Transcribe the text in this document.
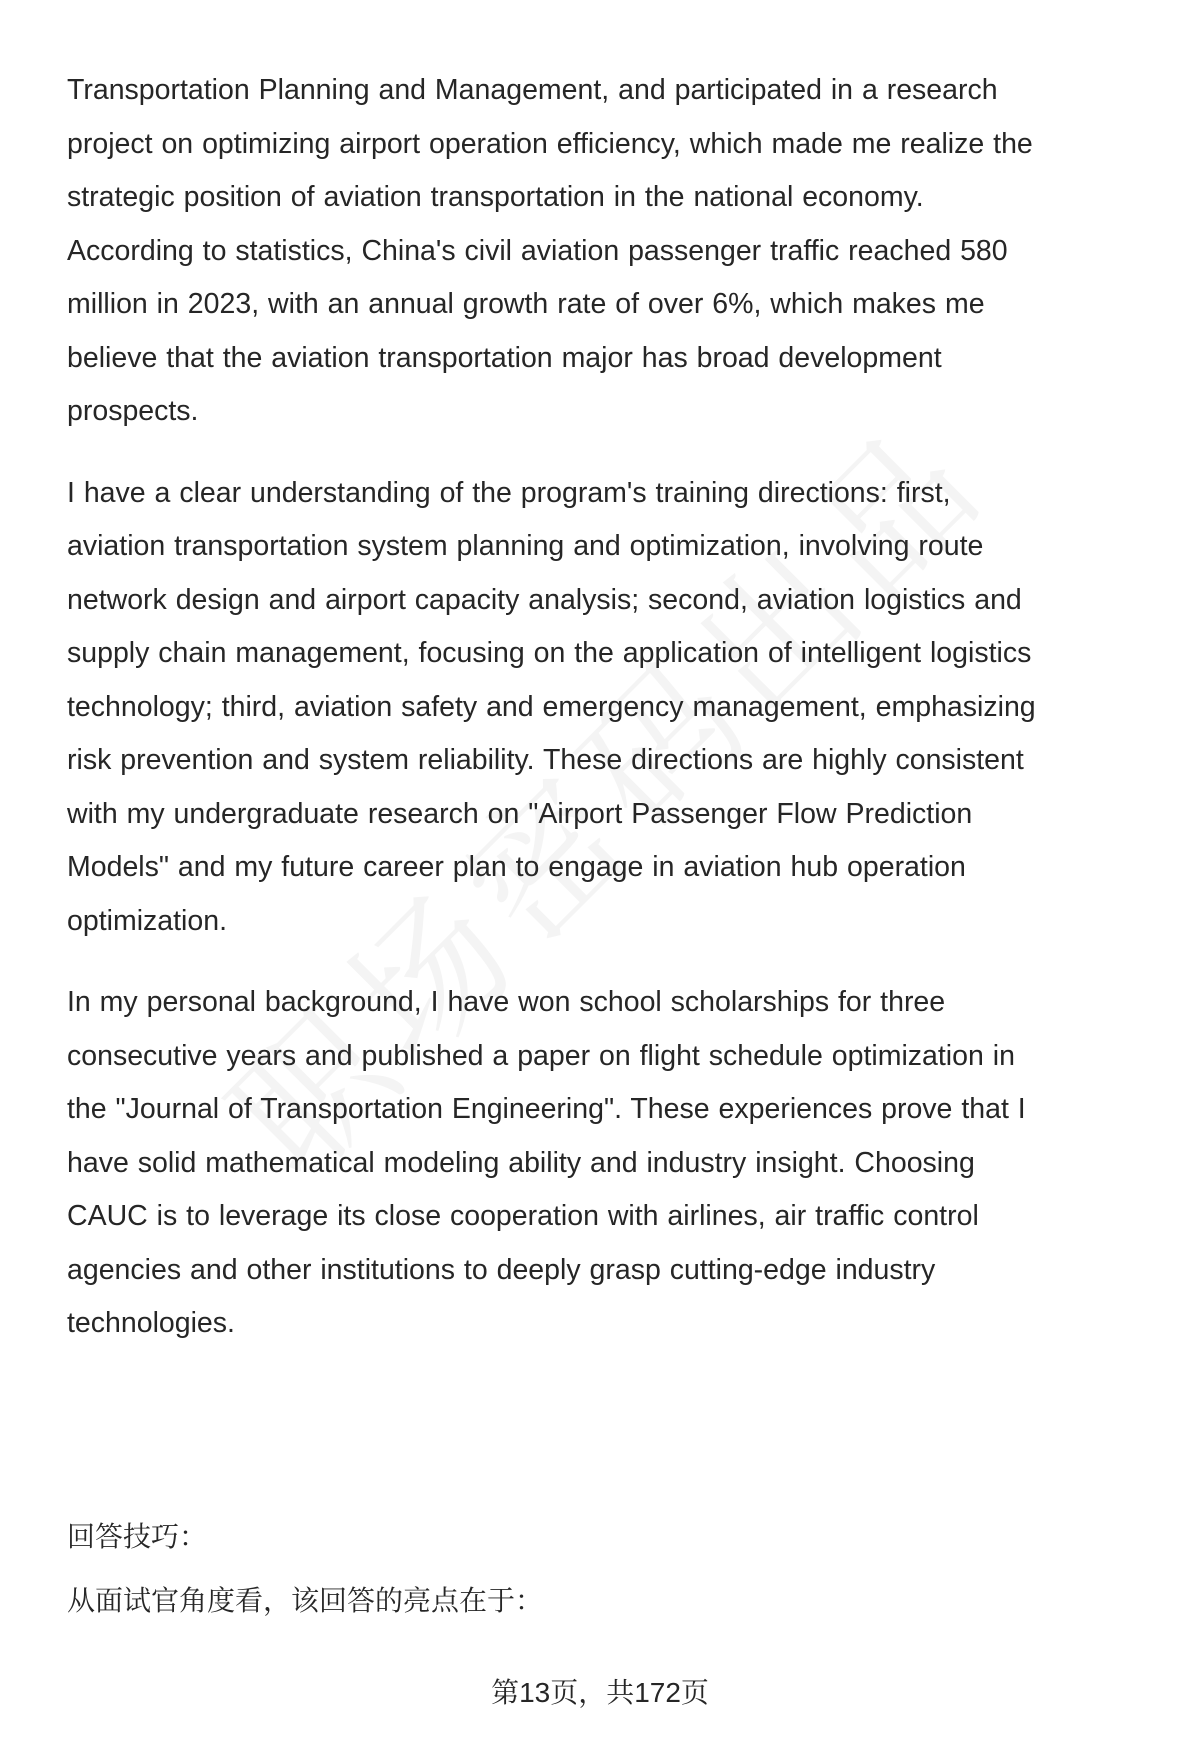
Transportation Planning and Management, and participated in a research project on optimizing airport operation efficiency, which made me realize the strategic position of aviation transportation in the national economy. According to statistics, China's civil aviation passenger traffic reached 580 million in 2023, with an annual growth rate of over 6%, which makes me believe that the aviation transportation major has broad development prospects.

I have a clear understanding of the program's training directions: first, aviation transportation system planning and optimization, involving route network design and airport capacity analysis; second, aviation logistics and supply chain management, focusing on the application of intelligent logistics technology; third, aviation safety and emergency management, emphasizing risk prevention and system reliability. These directions are highly consistent with my undergraduate research on "Airport Passenger Flow Prediction Models" and my future career plan to engage in aviation hub operation optimization.

In my personal background, I have won school scholarships for three consecutive years and published a paper on flight schedule optimization in the "Journal of Transportation Engineering". These experiences prove that I have solid mathematical modeling ability and industry insight. Choosing CAUC is to leverage its close cooperation with airlines, air traffic control agencies and other institutions to deeply grasp cutting-edge industry technologies.

回答技巧：
从面试官角度看，该回答的亮点在于：
第13页，共172页
